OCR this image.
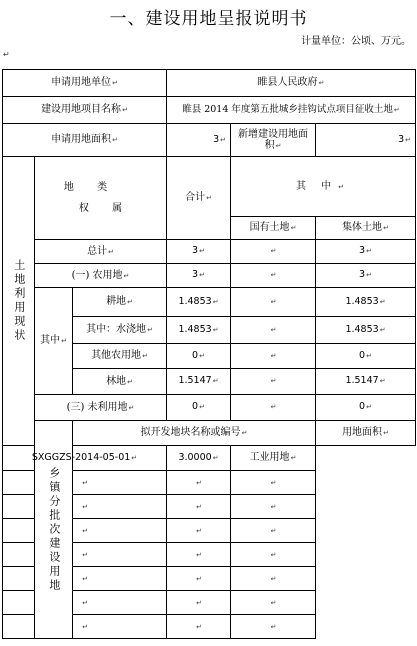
一、建设用地呈报说明书
计量单位：公顷、万元。
↵
申请用地单位↵			睢县人民政府↵			
建设用地项目名称↵			睢县 2014 年度第五批城乡挂钩试点项目征收土地↵			
申请用地面积↵			3↵	新增建设用地面积↵	3↵	
土地利用现状	地 类
权 属		合计↵	其 中↵		
				国有土地↵	集体土地↵	
	总计↵		3↵	↵	3↵	
	(一) 农用地↵		3↵	↵	3↵	
	其中↵	耕地↵	1.4853↵	↵	1.4853↵	
		其中：水浇地↵	1.4853↵	↵	1.4853↵	
		其他农用地↵	0↵	↵	0↵	
		林地↵	1.5147↵	↵	1.5147↵	
	(三) 未利用地↵		0↵	↵	0↵	
	乡镇分批次建设用地	拟开发地块名称或编号↵			用地面积↵	
SXGGZS-2014-05-01↵			3.0000↵	工业用地↵		
↵			↵	↵		
↵			↵	↵		
↵			↵	↵		
↵			↵	↵		
↵			↵	↵		
↵			↵	↵		
↵			↵	↵		
